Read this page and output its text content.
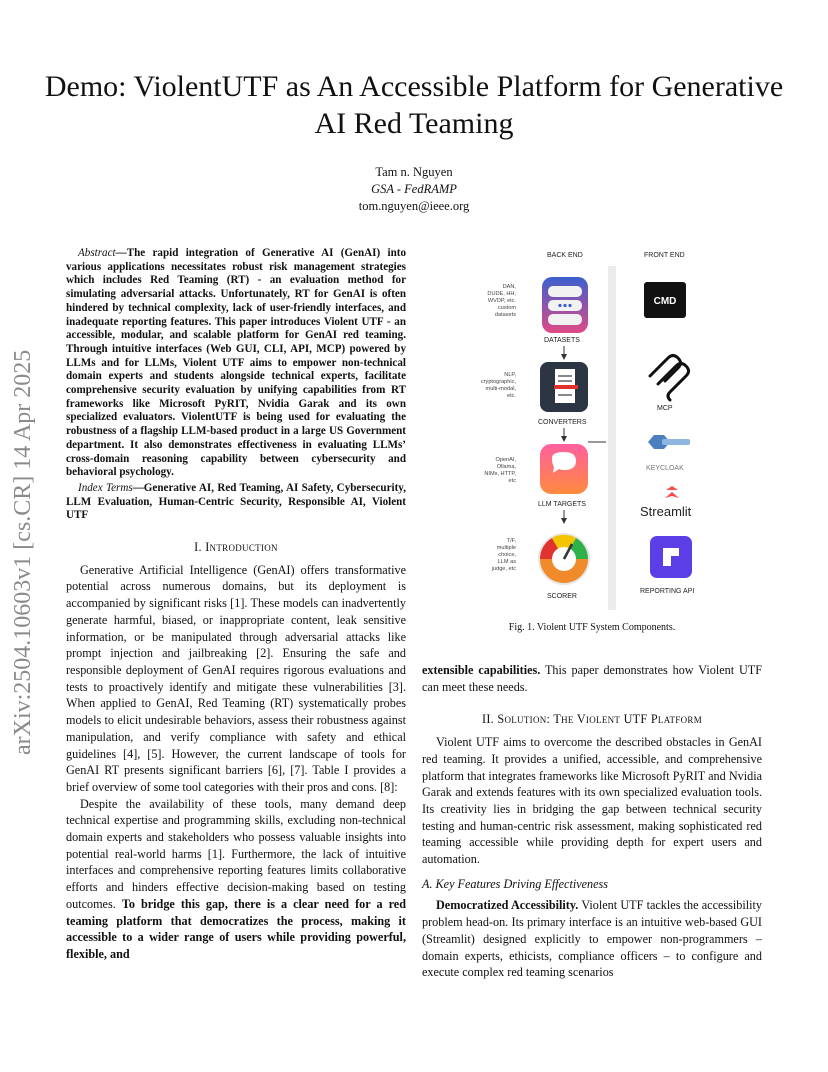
Demo: ViolentUTF as An Accessible Platform for Generative AI Red Teaming
Tam n. Nguyen
GSA - FedRAMP
tom.nguyen@ieee.org
arXiv:2504.10603v1 [cs.CR] 14 Apr 2025

Abstract—The rapid integration of Generative AI (GenAI) into various applications necessitates robust risk management strategies which includes Red Teaming (RT) - an evaluation method for simulating adversarial attacks. Unfortunately, RT for GenAI is often hindered by technical complexity, lack of user-friendly interfaces, and inadequate reporting features. This paper introduces Violent UTF - an accessible, modular, and scalable platform for GenAI red teaming. Through intuitive interfaces (Web GUI, CLI, API, MCP) powered by LLMs and for LLMs, Violent UTF aims to empower non-technical domain experts and students alongside technical experts, facilitate comprehensive security evaluation by unifying capabilities from RT frameworks like Microsoft PyRIT, Nvidia Garak and its own specialized evaluators. ViolentUTF is being used for evaluating the robustness of a flagship LLM-based product in a large US Government department. It also demonstrates effectiveness in evaluating LLMs’ cross-domain reasoning capability between cybersecurity and behavioral psychology.

Index Terms—Generative AI, Red Teaming, AI Safety, Cybersecurity, LLM Evaluation, Human-Centric Security, Responsible AI, Violent UTF

I. Introduction

Generative Artificial Intelligence (GenAI) offers transformative potential across numerous domains, but its deployment is accompanied by significant risks [1]. These models can inadvertently generate harmful, biased, or inappropriate content, leak sensitive information, or be manipulated through adversarial attacks like prompt injection and jailbreaking [2]. Ensuring the safe and responsible deployment of GenAI requires rigorous evaluations and tests to proactively identify and mitigate these vulnerabilities [3]. When applied to GenAI, Red Teaming (RT) systematically probes models to elicit undesirable behaviors, assess their robustness against manipulation, and verify compliance with safety and ethical guidelines [4], [5]. However, the current landscape of tools for GenAI RT presents significant barriers [6], [7]. Table I provides a brief overview of some tool categories with their pros and cons. [8]:

Despite the availability of these tools, many demand deep technical expertise and programming skills, excluding non-technical domain experts and stakeholders who possess valuable insights into potential real-world harms [1]. Furthermore, the lack of intuitive interfaces and comprehensive reporting features limits collaborative efforts and hinders effective decision-making based on testing outcomes. To bridge this gap, there is a clear need for a red teaming platform that democratizes the process, making it accessible to a wider range of users while providing powerful, flexible, and

BACK END	FRONT END
DATASETS
DAN,
DUDE, HH,
WVDP, etc.
custom
datasets
CONVERTERS
NLP,
cryptographic,
multi-modal,
etc.
LLM TARGETS
OpenAI,
Ollama,
NIMs, HTTP,
etc
SCORER
T/F,
multiple
choice,
LLM as
judge, etc
CMD
MCP
KEYCLOAK
Streamlit
REPORTING API
Fig. 1. Violent UTF System Components.

extensible capabilities. This paper demonstrates how Violent UTF can meet these needs.

II. Solution: The Violent UTF Platform

Violent UTF aims to overcome the described obstacles in GenAI red teaming. It provides a unified, accessible, and comprehensive platform that integrates frameworks like Microsoft PyRIT and Nvidia Garak and extends features with its own specialized evaluation tools. Its creativity lies in bridging the gap between technical security testing and human-centric risk assessment, making sophisticated red teaming accessible while providing depth for expert users and automation.

A. Key Features Driving Effectiveness

Democratized Accessibility. Violent UTF tackles the accessibility problem head-on. Its primary interface is an intuitive web-based GUI (Streamlit) designed explicitly to empower non-programmers – domain experts, ethicists, compliance officers – to configure and execute complex red teaming scenarios
